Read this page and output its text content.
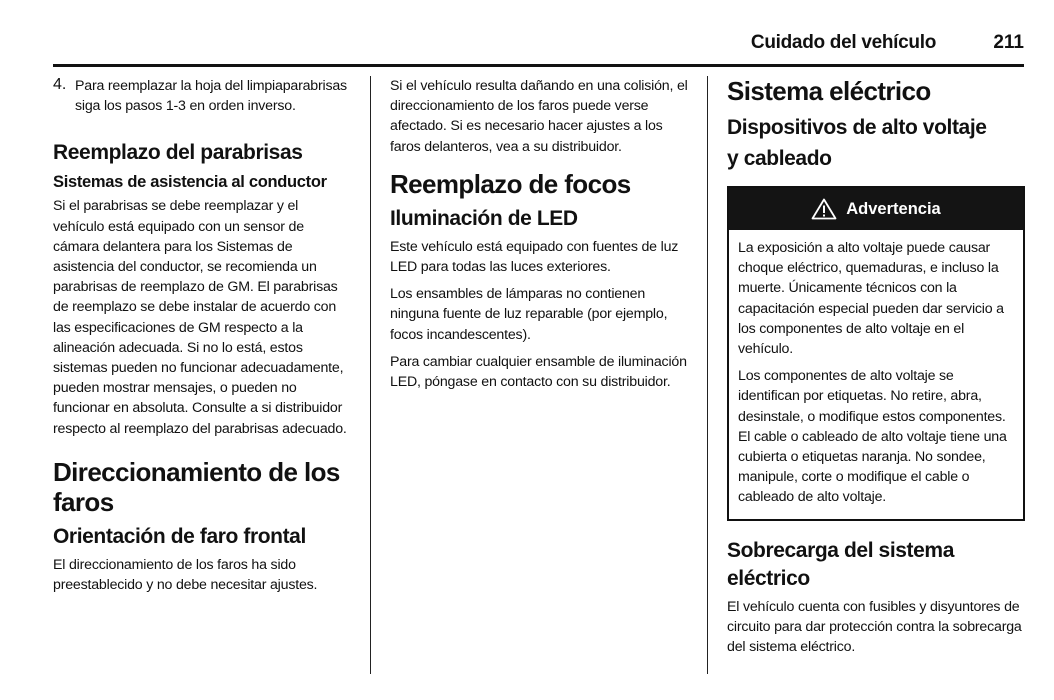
Cuidado del vehículo	211
4. Para reemplazar la hoja del limpiaparabrisas siga los pasos 1-3 en orden inverso.

Reemplazo del parabrisas
Sistemas de asistencia al conductor

Si el parabrisas se debe reemplazar y el vehículo está equipado con un sensor de cámara delantera para los Sistemas de asistencia del conductor, se recomienda un parabrisas de reemplazo de GM. El parabrisas de reemplazo se debe instalar de acuerdo con las especificaciones de GM respecto a la alineación adecuada. Si no lo está, estos sistemas pueden no funcionar adecuadamente, pueden mostrar mensajes, o pueden no funcionar en absoluta. Consulte a si distribuidor respecto al reemplazo del parabrisas adecuado.

Direccionamiento de los faros
Orientación de faro frontal

El direccionamiento de los faros ha sido preestablecido y no debe necesitar ajustes.

Si el vehículo resulta dañando en una colisión, el direccionamiento de los faros puede verse afectado. Si es necesario hacer ajustes a los faros delanteros, vea a su distribuidor.

Reemplazo de focos
Iluminación de LED

Este vehículo está equipado con fuentes de luz LED para todas las luces exteriores.

Los ensambles de lámparas no contienen ninguna fuente de luz reparable (por ejemplo, focos incandescentes).

Para cambiar cualquier ensamble de iluminación LED, póngase en contacto con su distribuidor.

Sistema eléctrico
Dispositivos de alto voltaje y cableado
Advertencia

La exposición a alto voltaje puede causar choque eléctrico, quemaduras, e incluso la muerte. Únicamente técnicos con la capacitación especial pueden dar servicio a los componentes de alto voltaje en el vehículo.

Los componentes de alto voltaje se identifican por etiquetas. No retire, abra, desinstale, o modifique estos componentes. El cable o cableado de alto voltaje tiene una cubierta o etiquetas naranja. No sondee, manipule, corte o modifique el cable o cableado de alto voltaje.

Sobrecarga del sistema eléctrico

El vehículo cuenta con fusibles y disyuntores de circuito para dar protección contra la sobrecarga del sistema eléctrico.
